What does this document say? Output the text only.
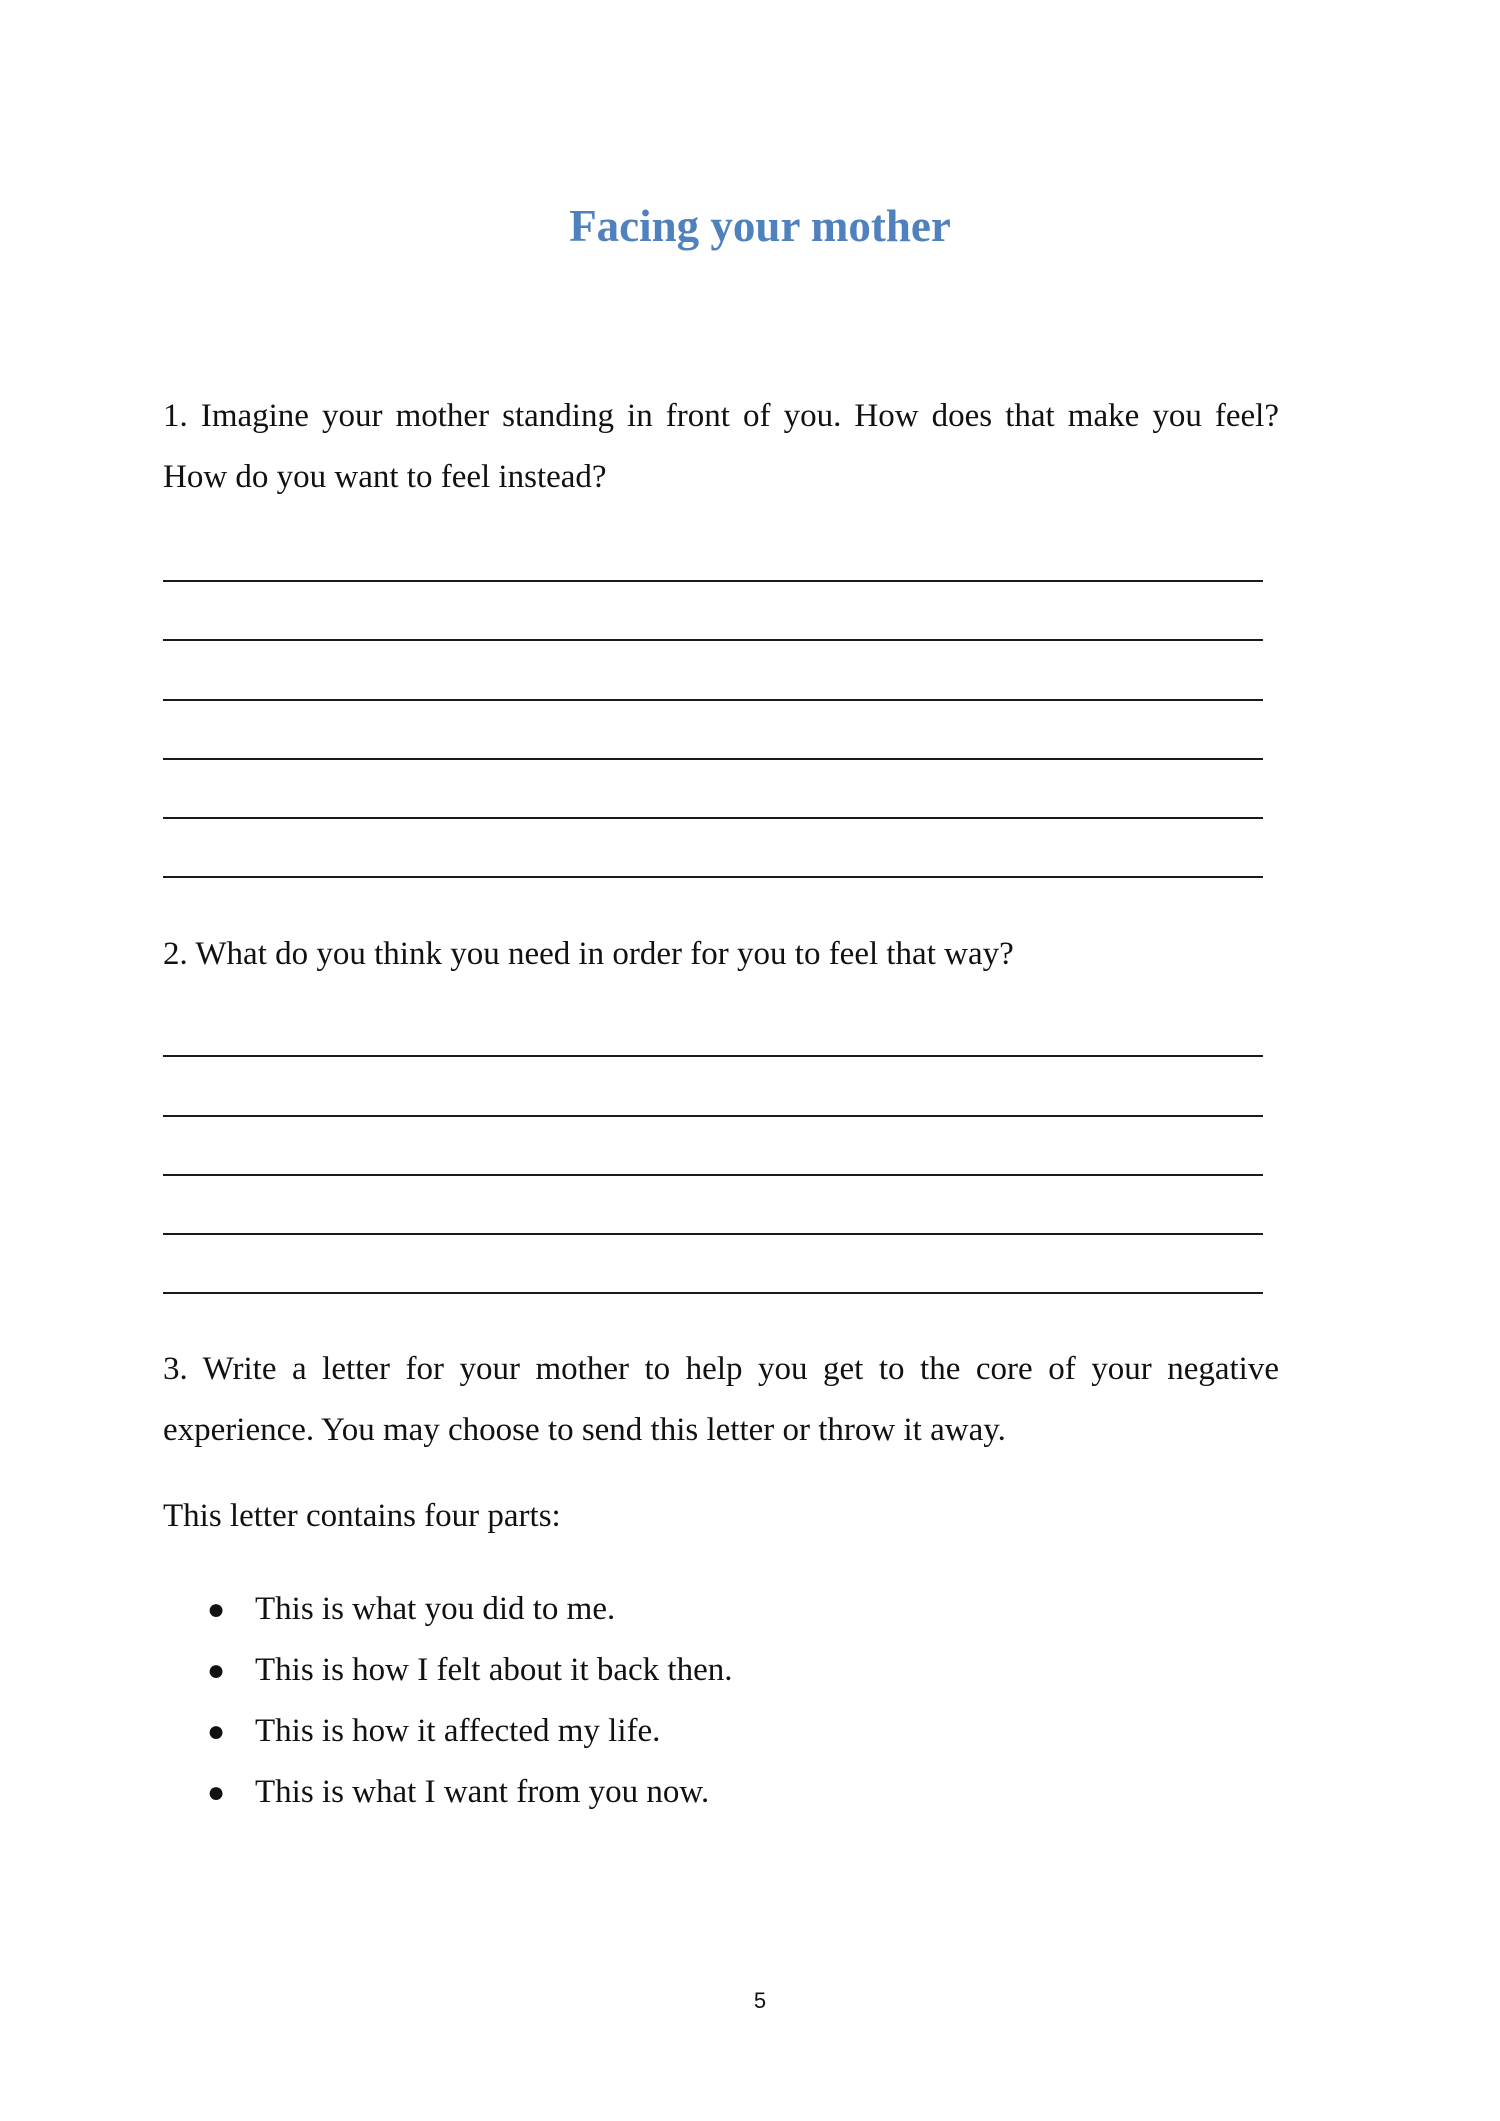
Facing your mother

1. Imagine your mother standing in front of you. How does that make you feel? How do you want to feel instead?

2. What do you think you need in order for you to feel that way?

3. Write a letter for your mother to help you get to the core of your negative experience. You may choose to send this letter or throw it away.

This letter contains four parts:

● This is what you did to me.
● This is how I felt about it back then.
● This is how it affected my life.
● This is what I want from you now.
5
